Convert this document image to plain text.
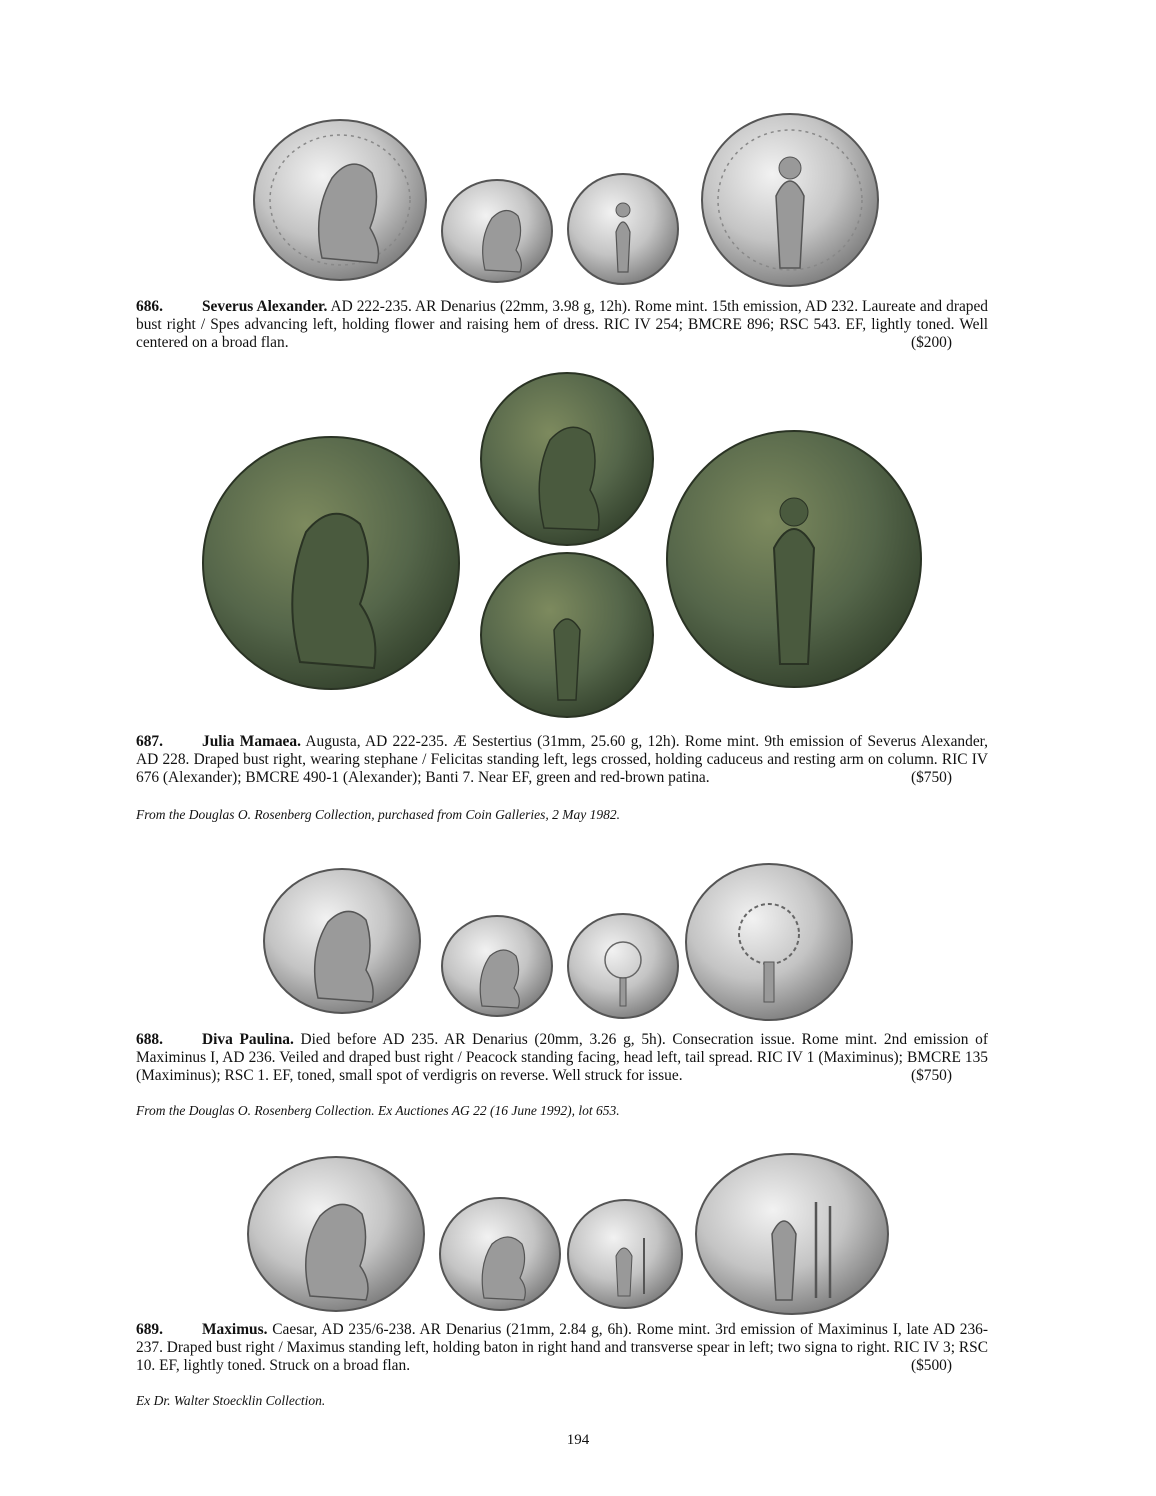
686.	Severus Alexander. AD 222-235. AR Denarius (22mm, 3.98 g, 12h). Rome mint. 15th emission, AD 232. Laureate and draped bust right / Spes advancing left, holding flower and raising hem of dress. RIC IV 254; BMCRE 896; RSC 543. EF, lightly toned. Well centered on a broad flan.	($200)
687.	Julia Mamaea. Augusta, AD 222-235. Æ Sestertius (31mm, 25.60 g, 12h). Rome mint. 9th emission of Severus Alexander, AD 228. Draped bust right, wearing stephane / Felicitas standing left, legs crossed, holding caduceus and resting arm on column. RIC IV 676 (Alexander); BMCRE 490-1 (Alexander); Banti 7. Near EF, green and red-brown patina.	($750)
From the Douglas O. Rosenberg Collection, purchased from Coin Galleries, 2 May 1982.
688.	Diva Paulina. Died before AD 235. AR Denarius (20mm, 3.26 g, 5h). Consecration issue. Rome mint. 2nd emission of Maximinus I, AD 236. Veiled and draped bust right / Peacock standing facing, head left, tail spread. RIC IV 1 (Maximinus); BMCRE 135 (Maximinus); RSC 1. EF, toned, small spot of verdigris on reverse. Well struck for issue.	($750)
From the Douglas O. Rosenberg Collection. Ex Auctiones AG 22 (16 June 1992), lot 653.
689.	Maximus. Caesar, AD 235/6-238. AR Denarius (21mm, 2.84 g, 6h). Rome mint. 3rd emission of Maximinus I, late AD 236-237. Draped bust right / Maximus standing left, holding baton in right hand and transverse spear in left; two signa to right. RIC IV 3; RSC 10. EF, lightly toned. Struck on a broad flan.	($500)
Ex Dr. Walter Stoecklin Collection.
194
